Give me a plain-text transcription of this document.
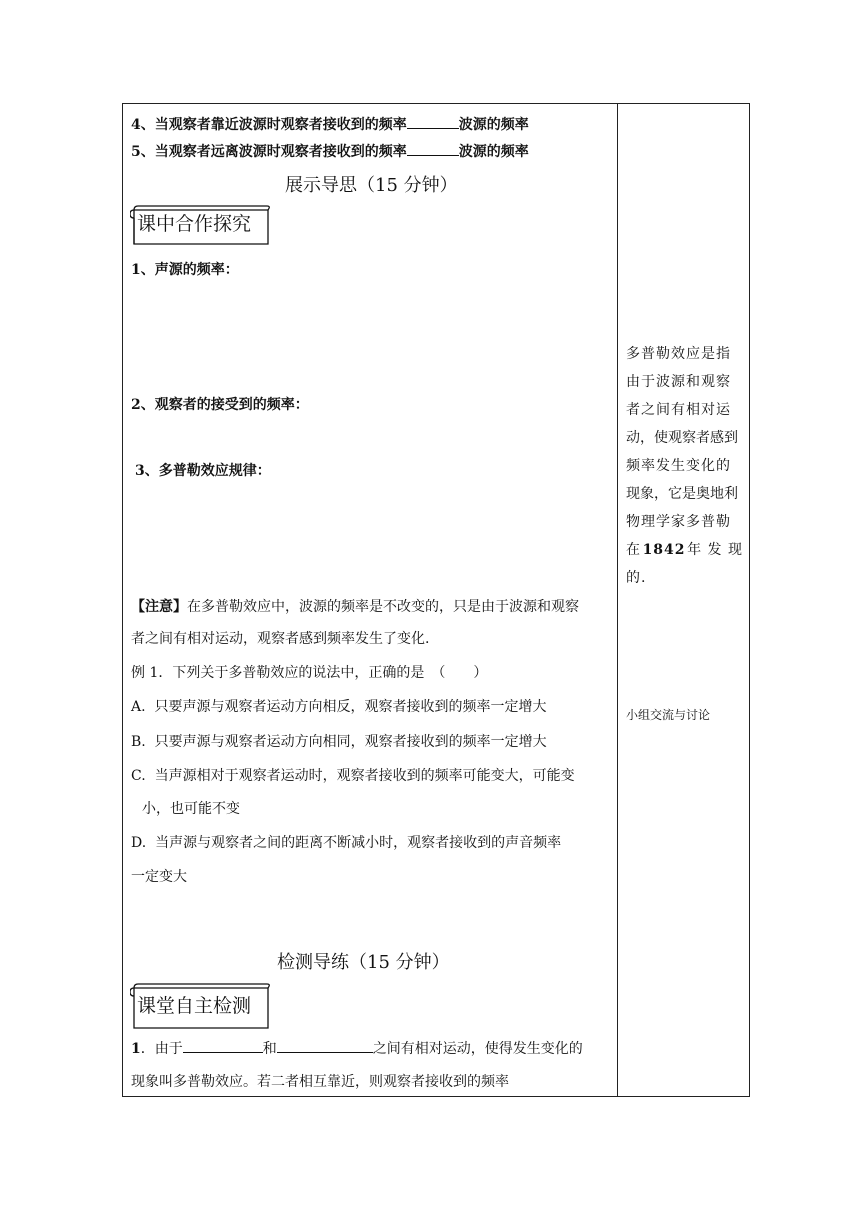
4、当观察者靠近波源时观察者接收到的频率	波源的频率
5、当观察者远离波源时观察者接收到的频率	波源的频率
展示导思（15 分钟）
课中合作探究
1、声源的频率：
2、观察者的接受到的频率：
3、多普勒效应规律：
【注意】在多普勒效应中，波源的频率是不改变的，只是由于波源和观察
者之间有相对运动，观察者感到频率发生了变化.
例 1．下列关于多普勒效应的说法中，正确的是　（　　）
A. 只要声源与观察者运动方向相反，观察者接收到的频率一定增大
B. 只要声源与观察者运动方向相同，观察者接收到的频率一定增大
C. 当声源相对于观察者运动时，观察者接收到的频率可能变大，可能变
小，也可能不变
D. 当声源与观察者之间的距离不断减小时，观察者接收到的声音频率
一定变大
检测导练（15 分钟）
课堂自主检测
1．由于	和	之间有相对运动，使得发生变化的
现象叫多普勒效应。若二者相互靠近，则观察者接收到的频率
多普勒效应是指
由于波源和观察
者之间有相对运
动，使观察者感到
频率发生变化的
现象，它是奥地利
物理学家多普勒
在 1842 年 发 现
的.
小组交流与讨论
